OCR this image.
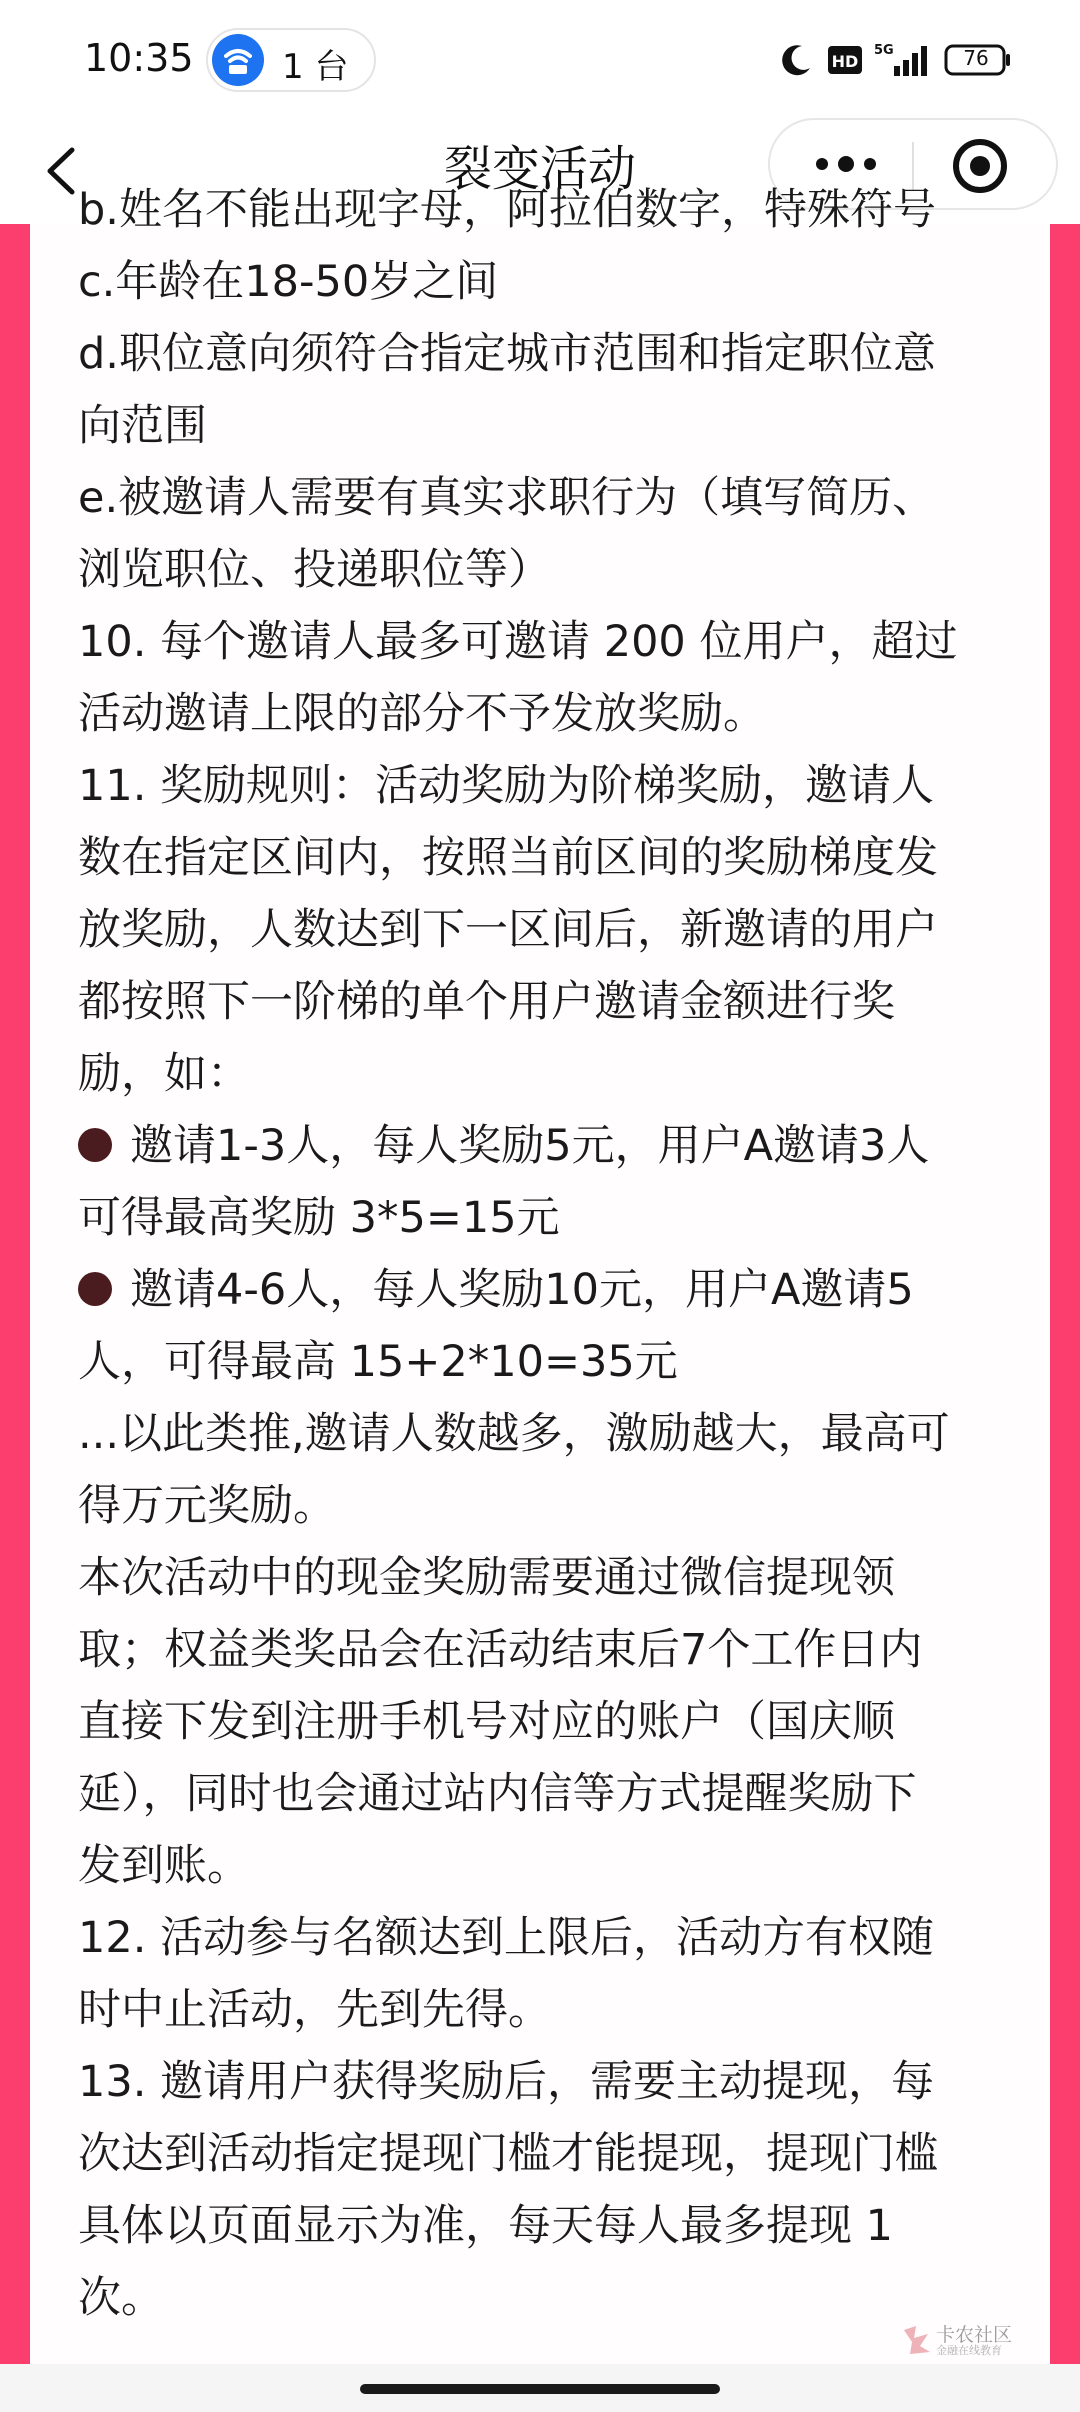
10:35	1 台	HD
5G	76
裂变活动
b.姓名不能出现字母，阿拉伯数字，特殊符号
c.年龄在18-50岁之间
d.职位意向须符合指定城市范围和指定职位意
向范围
e.被邀请人需要有真实求职行为（填写简历、
浏览职位、投递职位等）
10. 每个邀请人最多可邀请 200 位用户，超过
活动邀请上限的部分不予发放奖励。
11. 奖励规则：活动奖励为阶梯奖励，邀请人
数在指定区间内，按照当前区间的奖励梯度发
放奖励，人数达到下一区间后，新邀请的用户
都按照下一阶梯的单个用户邀请金额进行奖
励，如：
邀请1-3人，每人奖励5元，用户A邀请3人
可得最高奖励 3*5=15元
邀请4-6人，每人奖励10元，用户A邀请5
人，可得最高 15+2*10=35元
...以此类推,邀请人数越多，激励越大，最高可
得万元奖励。
本次活动中的现金奖励需要通过微信提现领
取；权益类奖品会在活动结束后7个工作日内
直接下发到注册手机号对应的账户（国庆顺
延），同时也会通过站内信等方式提醒奖励下
发到账。
12. 活动参与名额达到上限后，活动方有权随
时中止活动，先到先得。
13. 邀请用户获得奖励后，需要主动提现，每
次达到活动指定提现门槛才能提现，提现门槛
具体以页面显示为准，每天每人最多提现 1
次。
卡农社区
金融在线教育
